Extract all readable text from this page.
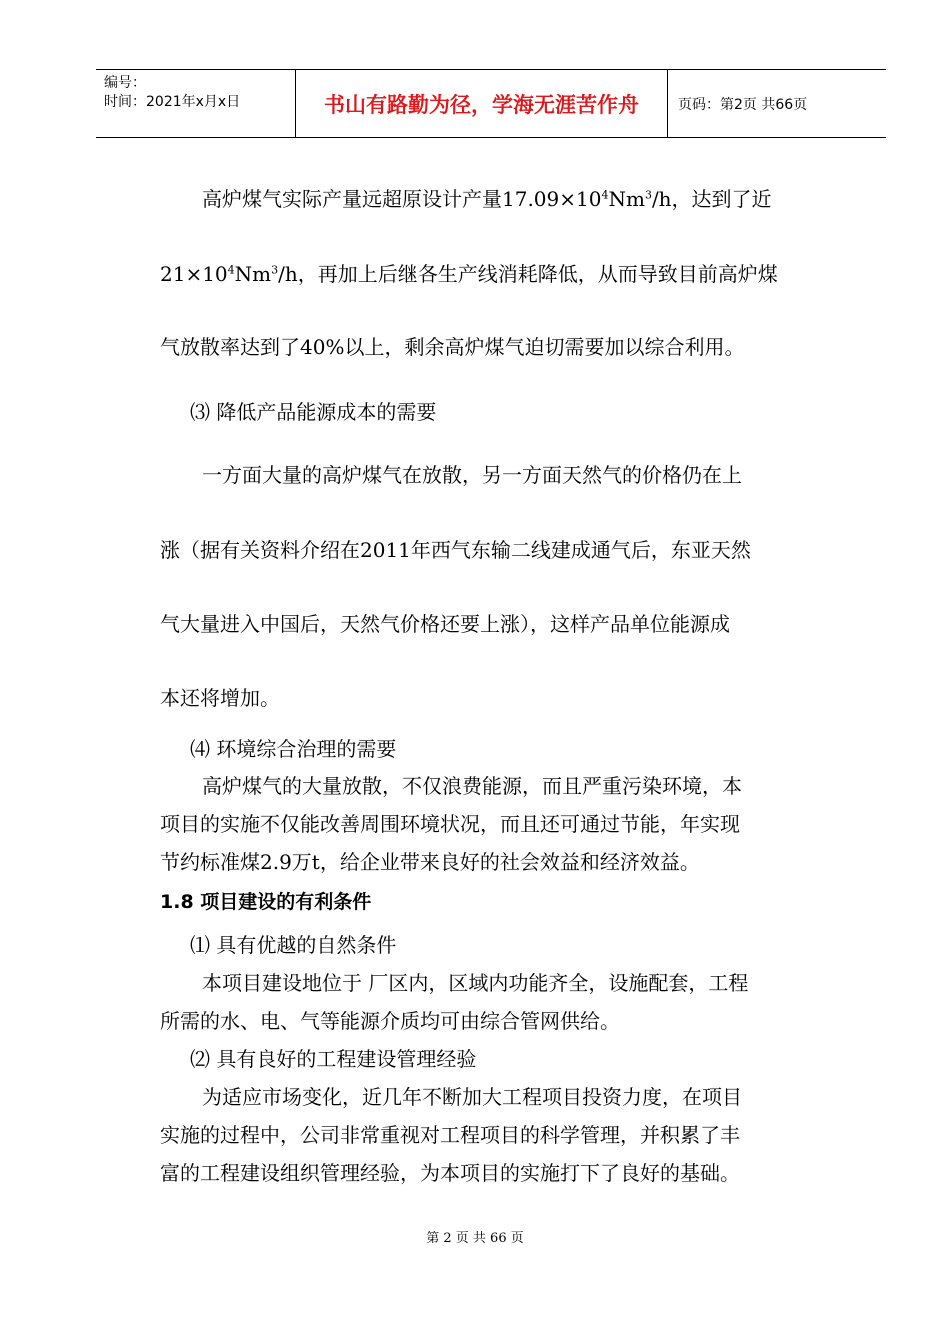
编号：
时间：2021年x月x日	书山有路勤为径，学海无涯苦作舟	页码：第2页 共66页
高炉煤气实际产量远超原设计产量$17.09\times 10^4Nm^3/h$，达到了近
$21\times 10^4Nm^3/h$，再加上后继各生产线消耗降低，从而导致目前高炉煤
气放散率达到了40%以上，剩余高炉煤气迫切需要加以综合利用。
⑶ 降低产品能源成本的需要
一方面大量的高炉煤气在放散，另一方面天然气的价格仍在上
涨（据有关资料介绍在2011年西气东输二线建成通气后，东亚天然
气大量进入中国后，天然气价格还要上涨），这样产品单位能源成
本还将增加。
⑷ 环境综合治理的需要
高炉煤气的大量放散，不仅浪费能源，而且严重污染环境，本
项目的实施不仅能改善周围环境状况，而且还可通过节能，年实现
节约标准煤2.9万t，给企业带来良好的社会效益和经济效益。
1.8 项目建设的有利条件
⑴ 具有优越的自然条件
本项目建设地位于 厂区内，区域内功能齐全，设施配套，工程
所需的水、电、气等能源介质均可由综合管网供给。
⑵ 具有良好的工程建设管理经验
为适应市场变化，近几年不断加大工程项目投资力度，在项目
实施的过程中，公司非常重视对工程项目的科学管理，并积累了丰
富的工程建设组织管理经验，为本项目的实施打下了良好的基础。
第 2 页 共 66 页
